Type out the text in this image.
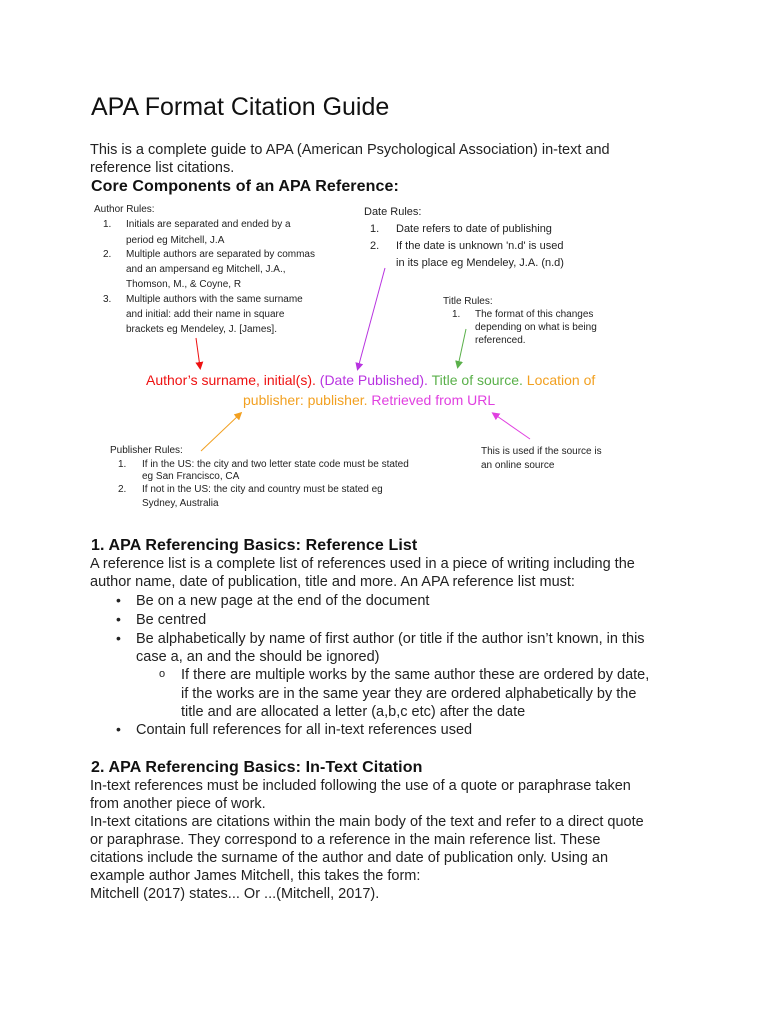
APA Format Citation Guide
This is a complete guide to APA (American Psychological Association) in-text and
reference list citations.
Core Components of an APA Reference:
Author Rules:
1. Initials are separated and ended by a
period eg Mitchell, J.A
2. Multiple authors are separated by commas
and an ampersand eg Mitchell, J.A.,
Thomson, M., & Coyne, R
3. Multiple authors with the same surname
and initial: add their name in square
brackets eg Mendeley, J. [James].
Date Rules:
1. Date refers to date of publishing
2. If the date is unknown 'n.d' is used
in its place eg Mendeley, J.A. (n.d)
Title Rules:
1. The format of this changes
depending on what is being
referenced.
Author’s surname, initial(s). (Date Published). Title of source. Location of
publisher: publisher. Retrieved from URL
Publisher Rules:
1. If in the US: the city and two letter state code must be stated
eg San Francisco, CA
2. If not in the US: the city and country must be stated eg
Sydney, Australia
This is used if the source is
an online source
1. APA Referencing Basics: Reference List
A reference list is a complete list of references used in a piece of writing including the
author name, date of publication, title and more. An APA reference list must:
• Be on a new page at the end of the document
• Be centred
• Be alphabetically by name of first author (or title if the author isn’t known, in this
case a, an and the should be ignored)
o If there are multiple works by the same author these are ordered by date,
if the works are in the same year they are ordered alphabetically by the
title and are allocated a letter (a,b,c etc) after the date
• Contain full references for all in-text references used
2. APA Referencing Basics: In-Text Citation
In-text references must be included following the use of a quote or paraphrase taken
from another piece of work.
In-text citations are citations within the main body of the text and refer to a direct quote
or paraphrase. They correspond to a reference in the main reference list. These
citations include the surname of the author and date of publication only. Using an
example author James Mitchell, this takes the form:
Mitchell (2017) states... Or ...(Mitchell, 2017).
